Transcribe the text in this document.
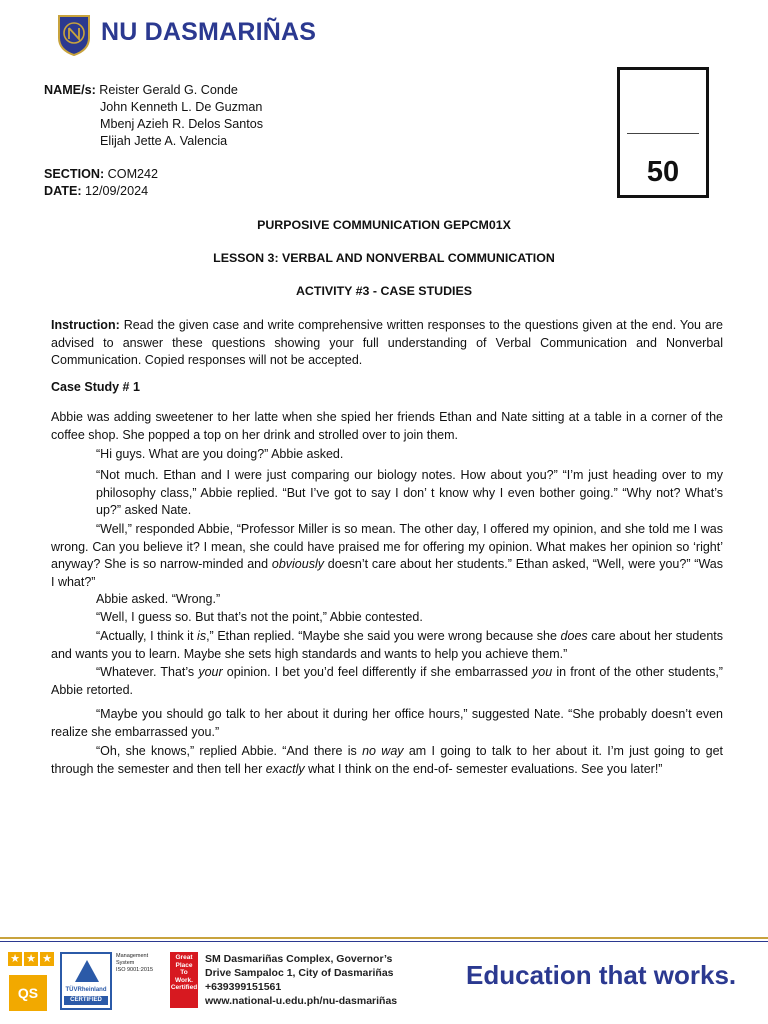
NU DASMARIÑAS
NAME/s: Reister Gerald G. Conde
John Kenneth L. De Guzman
Mbenj Azieh R. Delos Santos
Elijah Jette A. Valencia
SECTION: COM242
DATE: 12/09/2024
50
PURPOSIVE COMMUNICATION GEPCM01X
LESSON 3: VERBAL AND NONVERBAL COMMUNICATION
ACTIVITY #3 - CASE STUDIES
Instruction: Read the given case and write comprehensive written responses to the questions given at the end. You are advised to answer these questions showing your full understanding of Verbal Communication and Nonverbal Communication. Copied responses will not be accepted.
Case Study # 1
Abbie was adding sweetener to her latte when she spied her friends Ethan and Nate sitting at a table in a corner of the coffee shop. She popped a top on her drink and strolled over to join them.
“Hi guys. What are you doing?” Abbie asked.
“Not much. Ethan and I were just comparing our biology notes. How about you?” “I’m just heading over to my philosophy class,” Abbie replied. “But I’ve got to say I don’ t know why I even bother going.” “Why not? What’s up?” asked Nate.
“Well,” responded Abbie, “Professor Miller is so mean. The other day, I offered my opinion, and she told me I was wrong. Can you believe it? I mean, she could have praised me for offering my opinion. What makes her opinion so ‘right’ anyway? She is so narrow-minded and obviously doesn’t care about her students.” Ethan asked, “Well, were you?” “Was I what?”
Abbie asked. “Wrong.”
“Well, I guess so. But that’s not the point,” Abbie contested.
“Actually, I think it is,” Ethan replied. “Maybe she said you were wrong because she does care about her students and wants you to learn. Maybe she sets high standards and wants to help you achieve them.”
“Whatever. That’s your opinion. I bet you’d feel differently if she embarrassed you in front of the other students,” Abbie retorted.
“Maybe you should go talk to her about it during her office hours,” suggested Nate. “She probably doesn’t even realize she embarrassed you.”
“Oh, she knows,” replied Abbie. “And there is no way am I going to talk to her about it. I’m just going to get through the semester and then tell her exactly what I think on the end-of- semester evaluations. See you later!”
★ ★ ★
QS	TÜVRheinland
CERTIFIED
Management
System
ISO 9001:2015
Great
Place
To
Work.
Certified
SM Dasmariñas Complex, Governor’s
Drive Sampaloc 1, City of Dasmariñas
+639399151561
www.national-u.edu.ph/nu-dasmariñas
Education that works.
